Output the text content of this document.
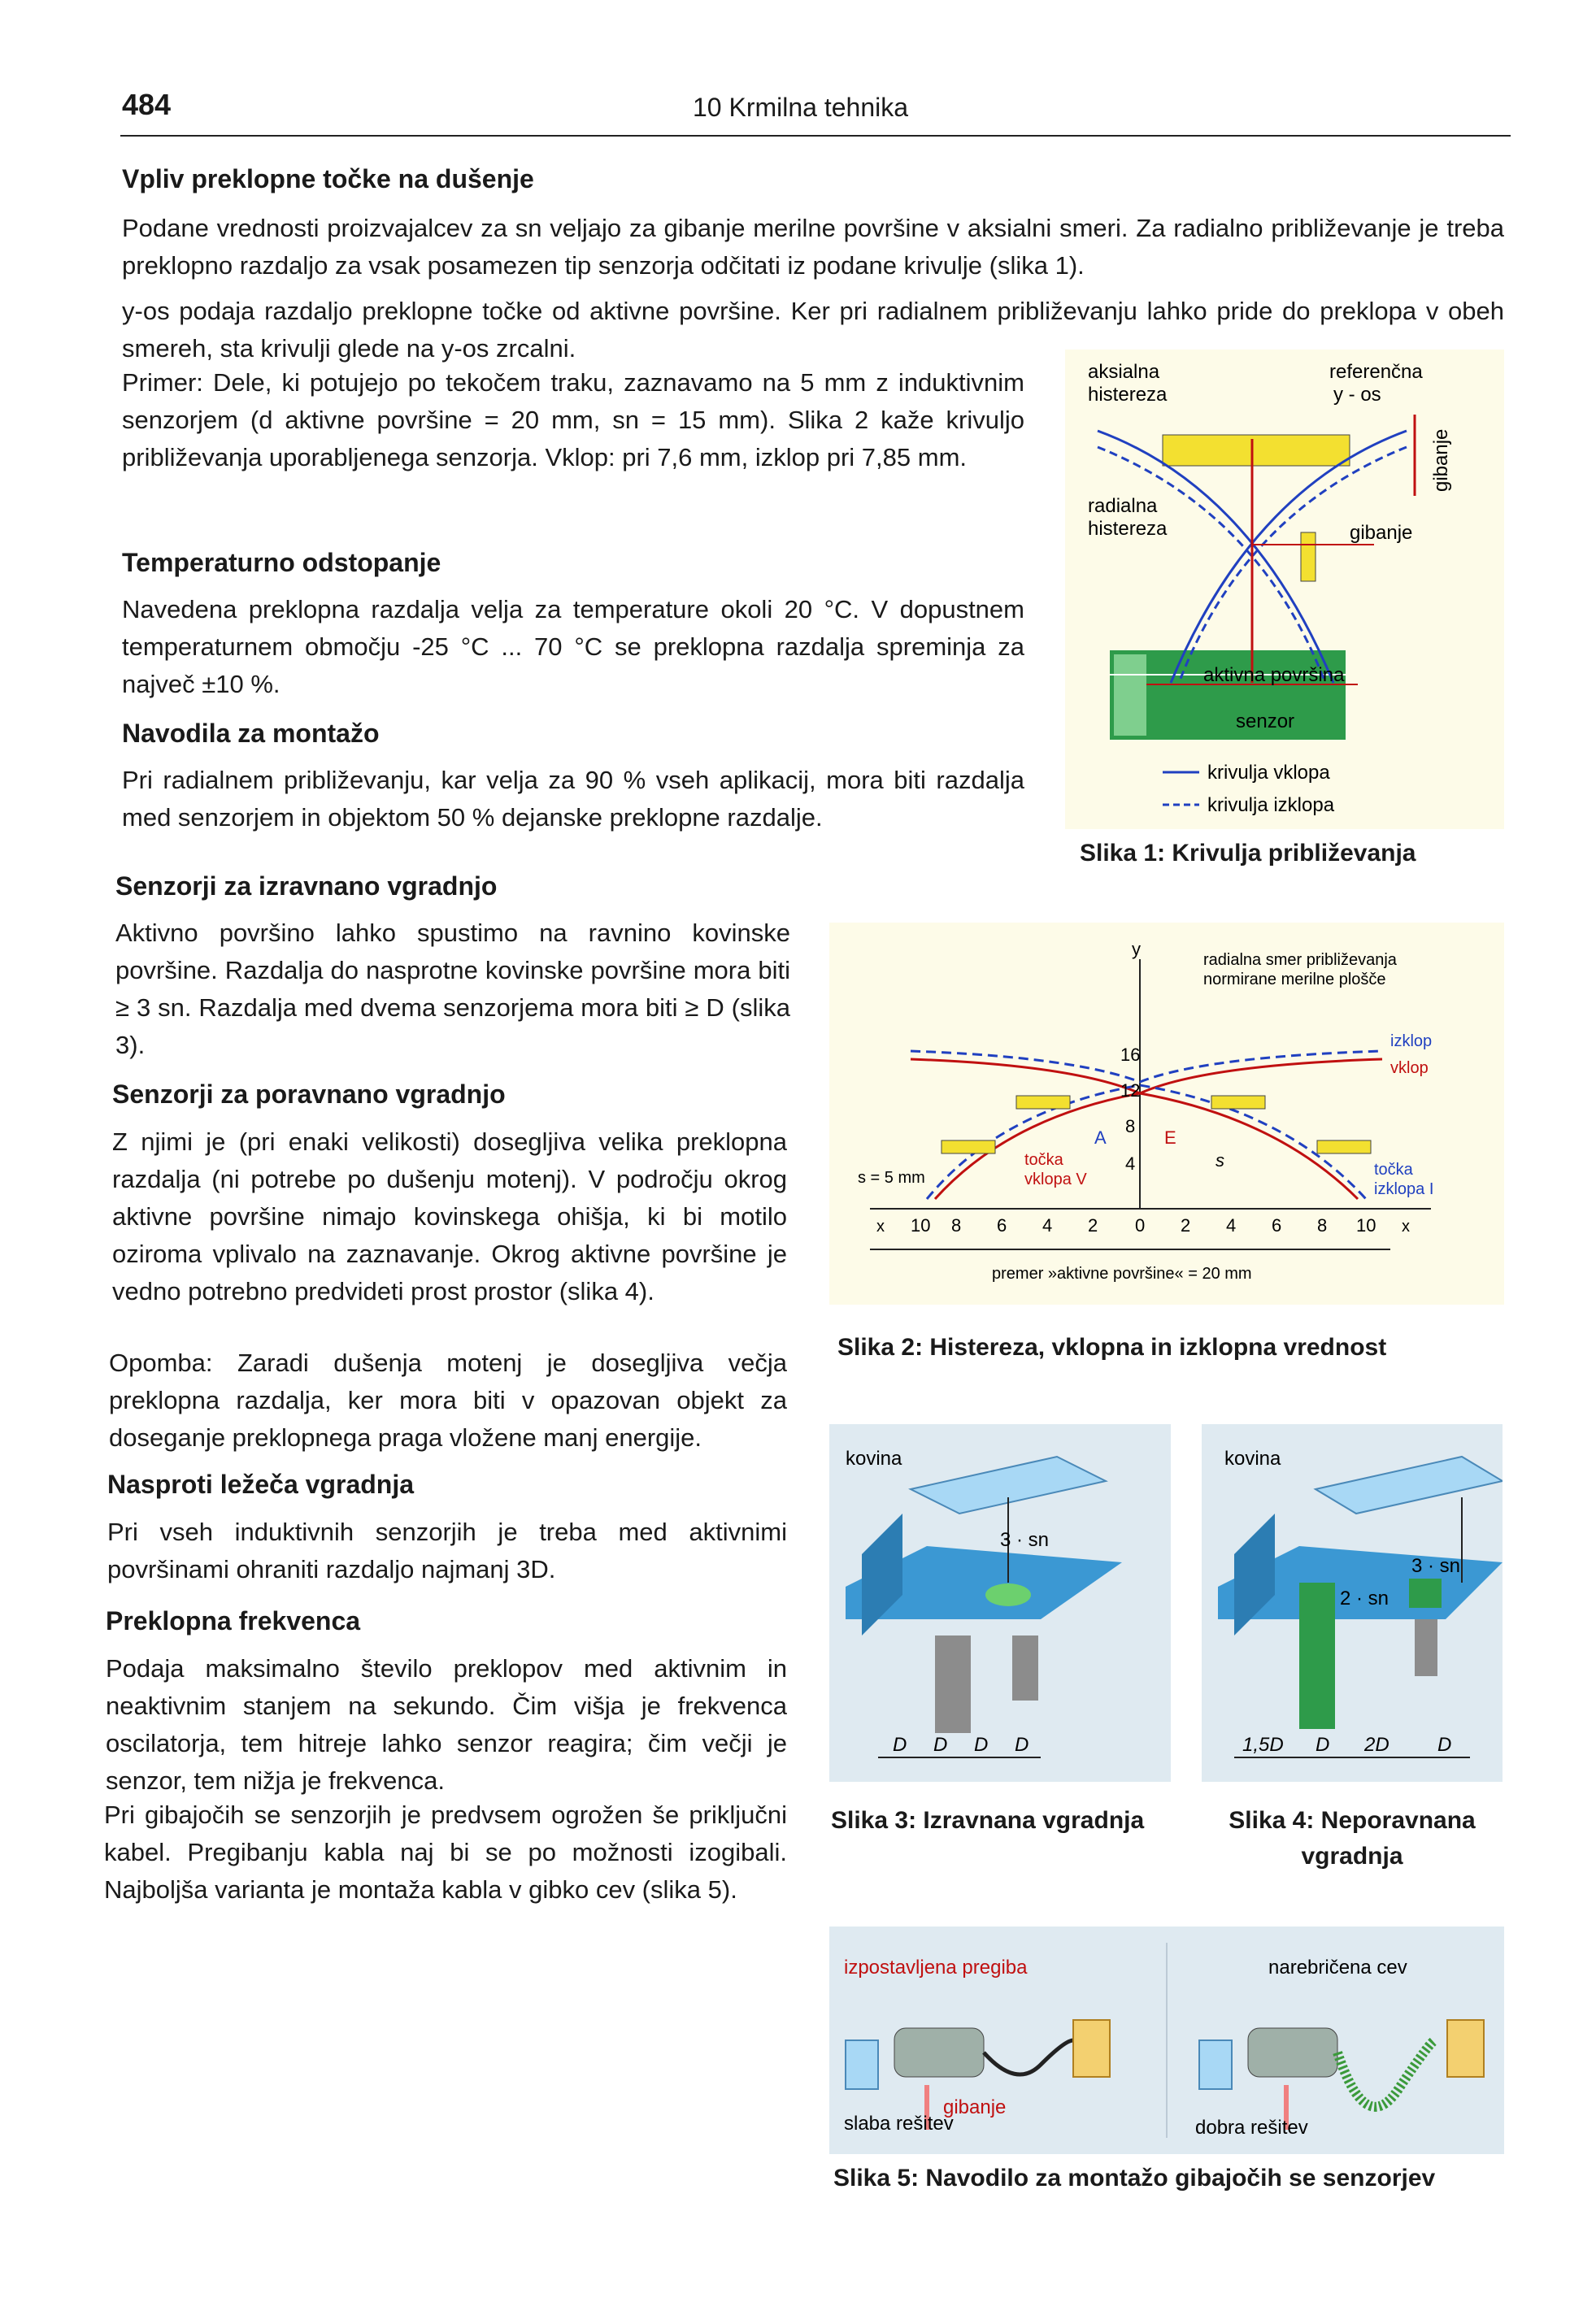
484	10 Krmilna tehnika
Vpliv preklopne točke na dušenje

Podane vrednosti proizvajalcev za sn veljajo za gibanje merilne površine v aksialni smeri. Za radialno približevanje je treba preklopno razdaljo za vsak posamezen tip senzorja odčitati iz podane krivulje (slika 1).

y-os podaja razdaljo preklopne točke od aktivne površine. Ker pri radialnem približevanju lahko pride do preklopa v obeh smereh, sta krivulji glede na y-os zrcalni.

Primer: Dele, ki potujejo po tekočem traku, zaznavamo na 5 mm z induktivnim senzorjem (d aktivne površine = 20 mm, sn = 15 mm). Slika 2 kaže krivuljo približevanja uporabljenega senzorja. Vklop: pri 7,6 mm, izklop pri 7,85 mm.

Temperaturno odstopanje

Navedena preklopna razdalja velja za temperature okoli 20 °C. V dopustnem temperaturnem območju -25 °C ... 70 °C se preklopna razdalja spreminja za največ ±10 %.

Navodila za montažo

Pri radialnem približevanju, kar velja za 90 % vseh aplikacij, mora biti razdalja med senzorjem in objektom 50 % dejanske preklopne razdalje.

Senzorji za izravnano vgradnjo

Aktivno površino lahko spustimo na ravnino kovinske površine. Razdalja do nasprotne kovinske površine mora biti ≥ 3 sn. Razdalja med dvema senzorjema mora biti ≥ D (slika 3).

Senzorji za poravnano vgradnjo

Z njimi je (pri enaki velikosti) dosegljiva velika preklopna razdalja (ni potrebe po dušenju motenj). V področju okrog aktivne površine nimajo kovinskega ohišja, ki bi motilo oziroma vplivalo na zaznavanje. Okrog aktivne površine je vedno potrebno predvideti prost prostor (slika 4).

Opomba: Zaradi dušenja motenj je dosegljiva večja preklopna razdalja, ker mora biti v opazovan objekt za doseganje preklopnega praga vložene manj energije.

Nasproti ležeča vgradnja

Pri vseh induktivnih senzorjih je treba med aktivnimi površinami ohraniti razdaljo najmanj 3D.

Preklopna frekvenca

Podaja maksimalno število preklopov med aktivnim in neaktivnim stanjem na sekundo. Čim višja je frekvenca oscilatorja, tem hitreje lahko senzor reagira; čim večji je senzor, tem nižja je frekvenca.

Pri gibajočih se senzorjih je predvsem ogrožen še priključni kabel. Pregibanju kabla naj bi se po možnosti izogibali. Najboljša varianta je montaža kabla v gibko cev (slika 5).

aksialna
histereza
referenčna
y - os
gibanje
radialna
histereza	gibanje
aktivna površina
senzor
krivulja vklopa
krivulja izklopa
Slika 1: Krivulja približevanja
y
radialna smer približevanja
normirane merilne plošče
izklop
vklop
16
12
8
4
A	E
s
s = 5 mm
točka
vklopa V
točka
izklopa I
x 10 8 6 4 2 0 2 4 6 8 10 x
premer »aktivne površine« = 20 mm
Slika 2: Histereza, vklopna in izklopna vrednost
kovina
3 · sn
D D D D
Slika 3: Izravnana vgradnja
kovina
3 · sn
2 · sn
1,5D D 2D D
Slika 4: Neporavnana
vgradnja
izpostavljena pregiba
gibanje
slaba rešitev
narebričena cev
dobra rešitev
Slika 5: Navodilo za montažo gibajočih se senzorjev
